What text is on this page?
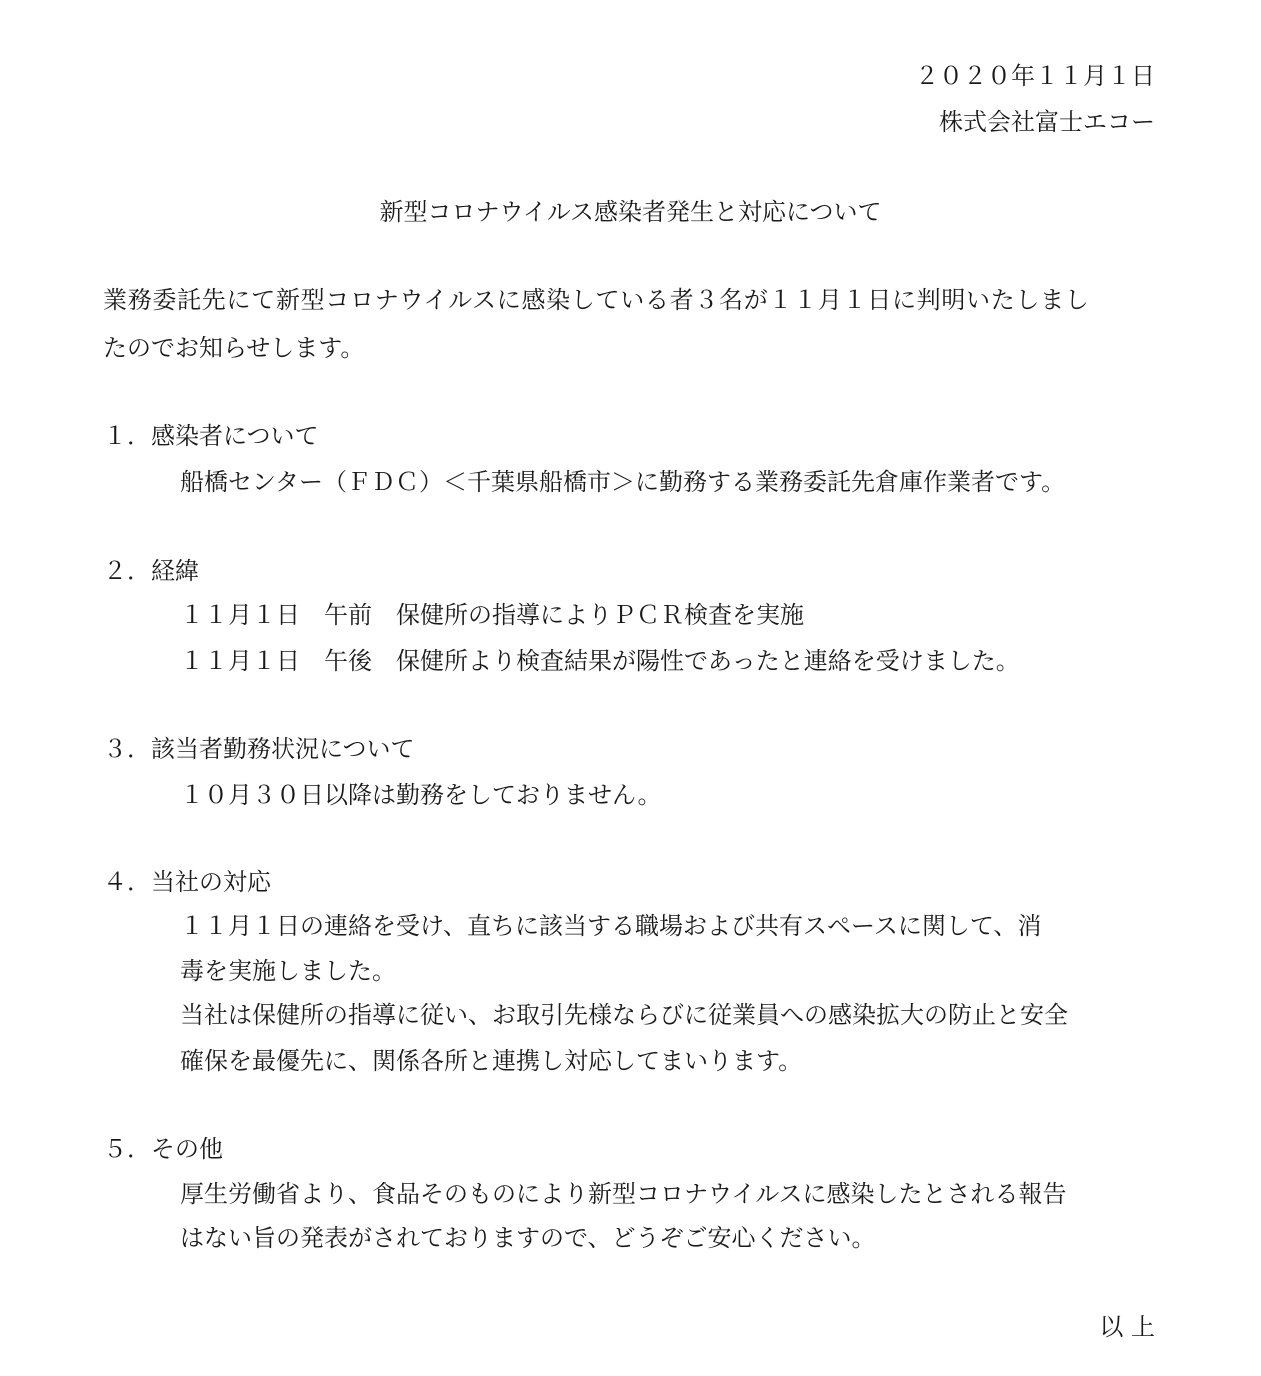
２０２０年１１月１日
株式会社富士エコー
新型コロナウイルス感染者発生と対応について
業務委託先にて新型コロナウイルスに感染している者３名が１１月１日に判明いたしまし
たのでお知らせします。
１．感染者について
船橋センター（ＦＤＣ）＜千葉県船橋市＞に勤務する業務委託先倉庫作業者です。
２．経緯
１１月１日　午前　保健所の指導によりＰＣＲ検査を実施
１１月１日　午後　保健所より検査結果が陽性であったと連絡を受けました。
３．該当者勤務状況について
１０月３０日以降は勤務をしておりません。
４．当社の対応
１１月１日の連絡を受け、直ちに該当する職場および共有スペースに関して、消
毒を実施しました。
当社は保健所の指導に従い、お取引先様ならびに従業員への感染拡大の防止と安全
確保を最優先に、関係各所と連携し対応してまいります。
５．その他
厚生労働省より、食品そのものにより新型コロナウイルスに感染したとされる報告
はない旨の発表がされておりますので、どうぞご安心ください。
以 上
